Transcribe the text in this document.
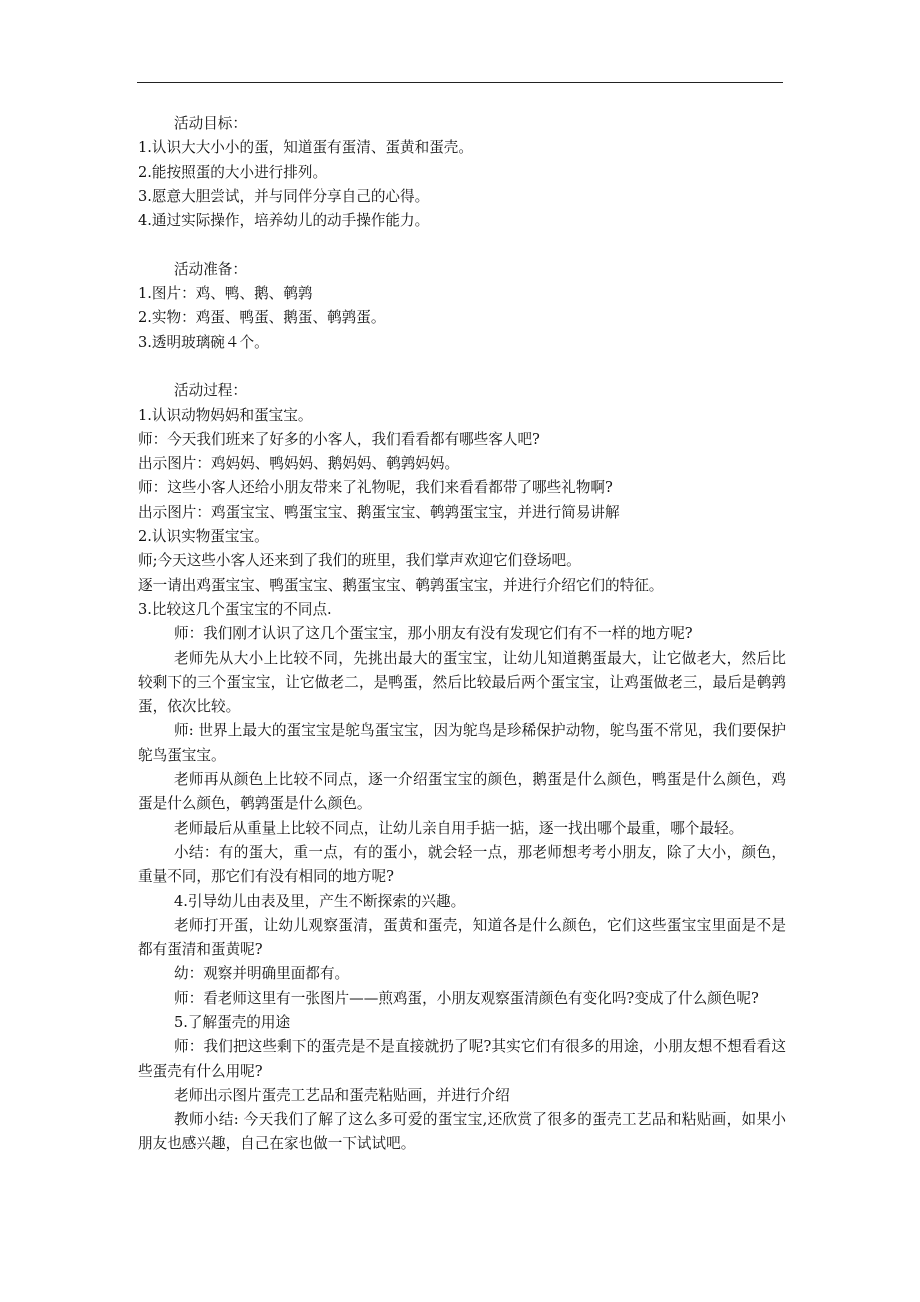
活动目标：

1.认识大大小小的蛋，知道蛋有蛋清、蛋黄和蛋壳。

2.能按照蛋的大小进行排列。

3.愿意大胆尝试，并与同伴分享自己的心得。

4.通过实际操作，培养幼儿的动手操作能力。

活动准备：

1.图片：鸡、鸭、鹅、鹌鹑

2.实物：鸡蛋、鸭蛋、鹅蛋、鹌鹑蛋。

3.透明玻璃碗４个。

活动过程：

1.认识动物妈妈和蛋宝宝。

师：今天我们班来了好多的小客人，我们看看都有哪些客人吧?

出示图片：鸡妈妈、鸭妈妈、鹅妈妈、鹌鹑妈妈。

师：这些小客人还给小朋友带来了礼物呢，我们来看看都带了哪些礼物啊?

出示图片：鸡蛋宝宝、鸭蛋宝宝、鹅蛋宝宝、鹌鹑蛋宝宝，并进行简易讲解

2.认识实物蛋宝宝。

师;今天这些小客人还来到了我们的班里，我们掌声欢迎它们登场吧。

逐一请出鸡蛋宝宝、鸭蛋宝宝、鹅蛋宝宝、鹌鹑蛋宝宝，并进行介绍它们的特征。

3.比较这几个蛋宝宝的不同点.

师：我们刚才认识了这几个蛋宝宝，那小朋友有没有发现它们有不一样的地方呢?

老师先从大小上比较不同，先挑出最大的蛋宝宝，让幼儿知道鹅蛋最大，让它做老大，然后比较剩下的三个蛋宝宝，让它做老二，是鸭蛋，然后比较最后两个蛋宝宝，让鸡蛋做老三，最后是鹌鹑蛋，依次比较。

师: 世界上最大的蛋宝宝是鸵鸟蛋宝宝，因为鸵鸟是珍稀保护动物，鸵鸟蛋不常见，我们要保护鸵鸟蛋宝宝。

老师再从颜色上比较不同点，逐一介绍蛋宝宝的颜色，鹅蛋是什么颜色，鸭蛋是什么颜色，鸡蛋是什么颜色，鹌鹑蛋是什么颜色。

老师最后从重量上比较不同点，让幼儿亲自用手掂一掂，逐一找出哪个最重，哪个最轻。

小结：有的蛋大，重一点，有的蛋小，就会轻一点，那老师想考考小朋友，除了大小，颜色，重量不同，那它们有没有相同的地方呢?

4.引导幼儿由表及里，产生不断探索的兴趣。

老师打开蛋，让幼儿观察蛋清，蛋黄和蛋壳，知道各是什么颜色，它们这些蛋宝宝里面是不是都有蛋清和蛋黄呢?

幼：观察并明确里面都有。

师：看老师这里有一张图片——煎鸡蛋，小朋友观察蛋清颜色有变化吗?变成了什么颜色呢?

5.了解蛋壳的用途

师：我们把这些剩下的蛋壳是不是直接就扔了呢?其实它们有很多的用途，小朋友想不想看看这些蛋壳有什么用呢?

老师出示图片蛋壳工艺品和蛋壳粘贴画，并进行介绍

教师小结: 今天我们了解了这么多可爱的蛋宝宝,还欣赏了很多的蛋壳工艺品和粘贴画，如果小朋友也感兴趣，自己在家也做一下试试吧。
